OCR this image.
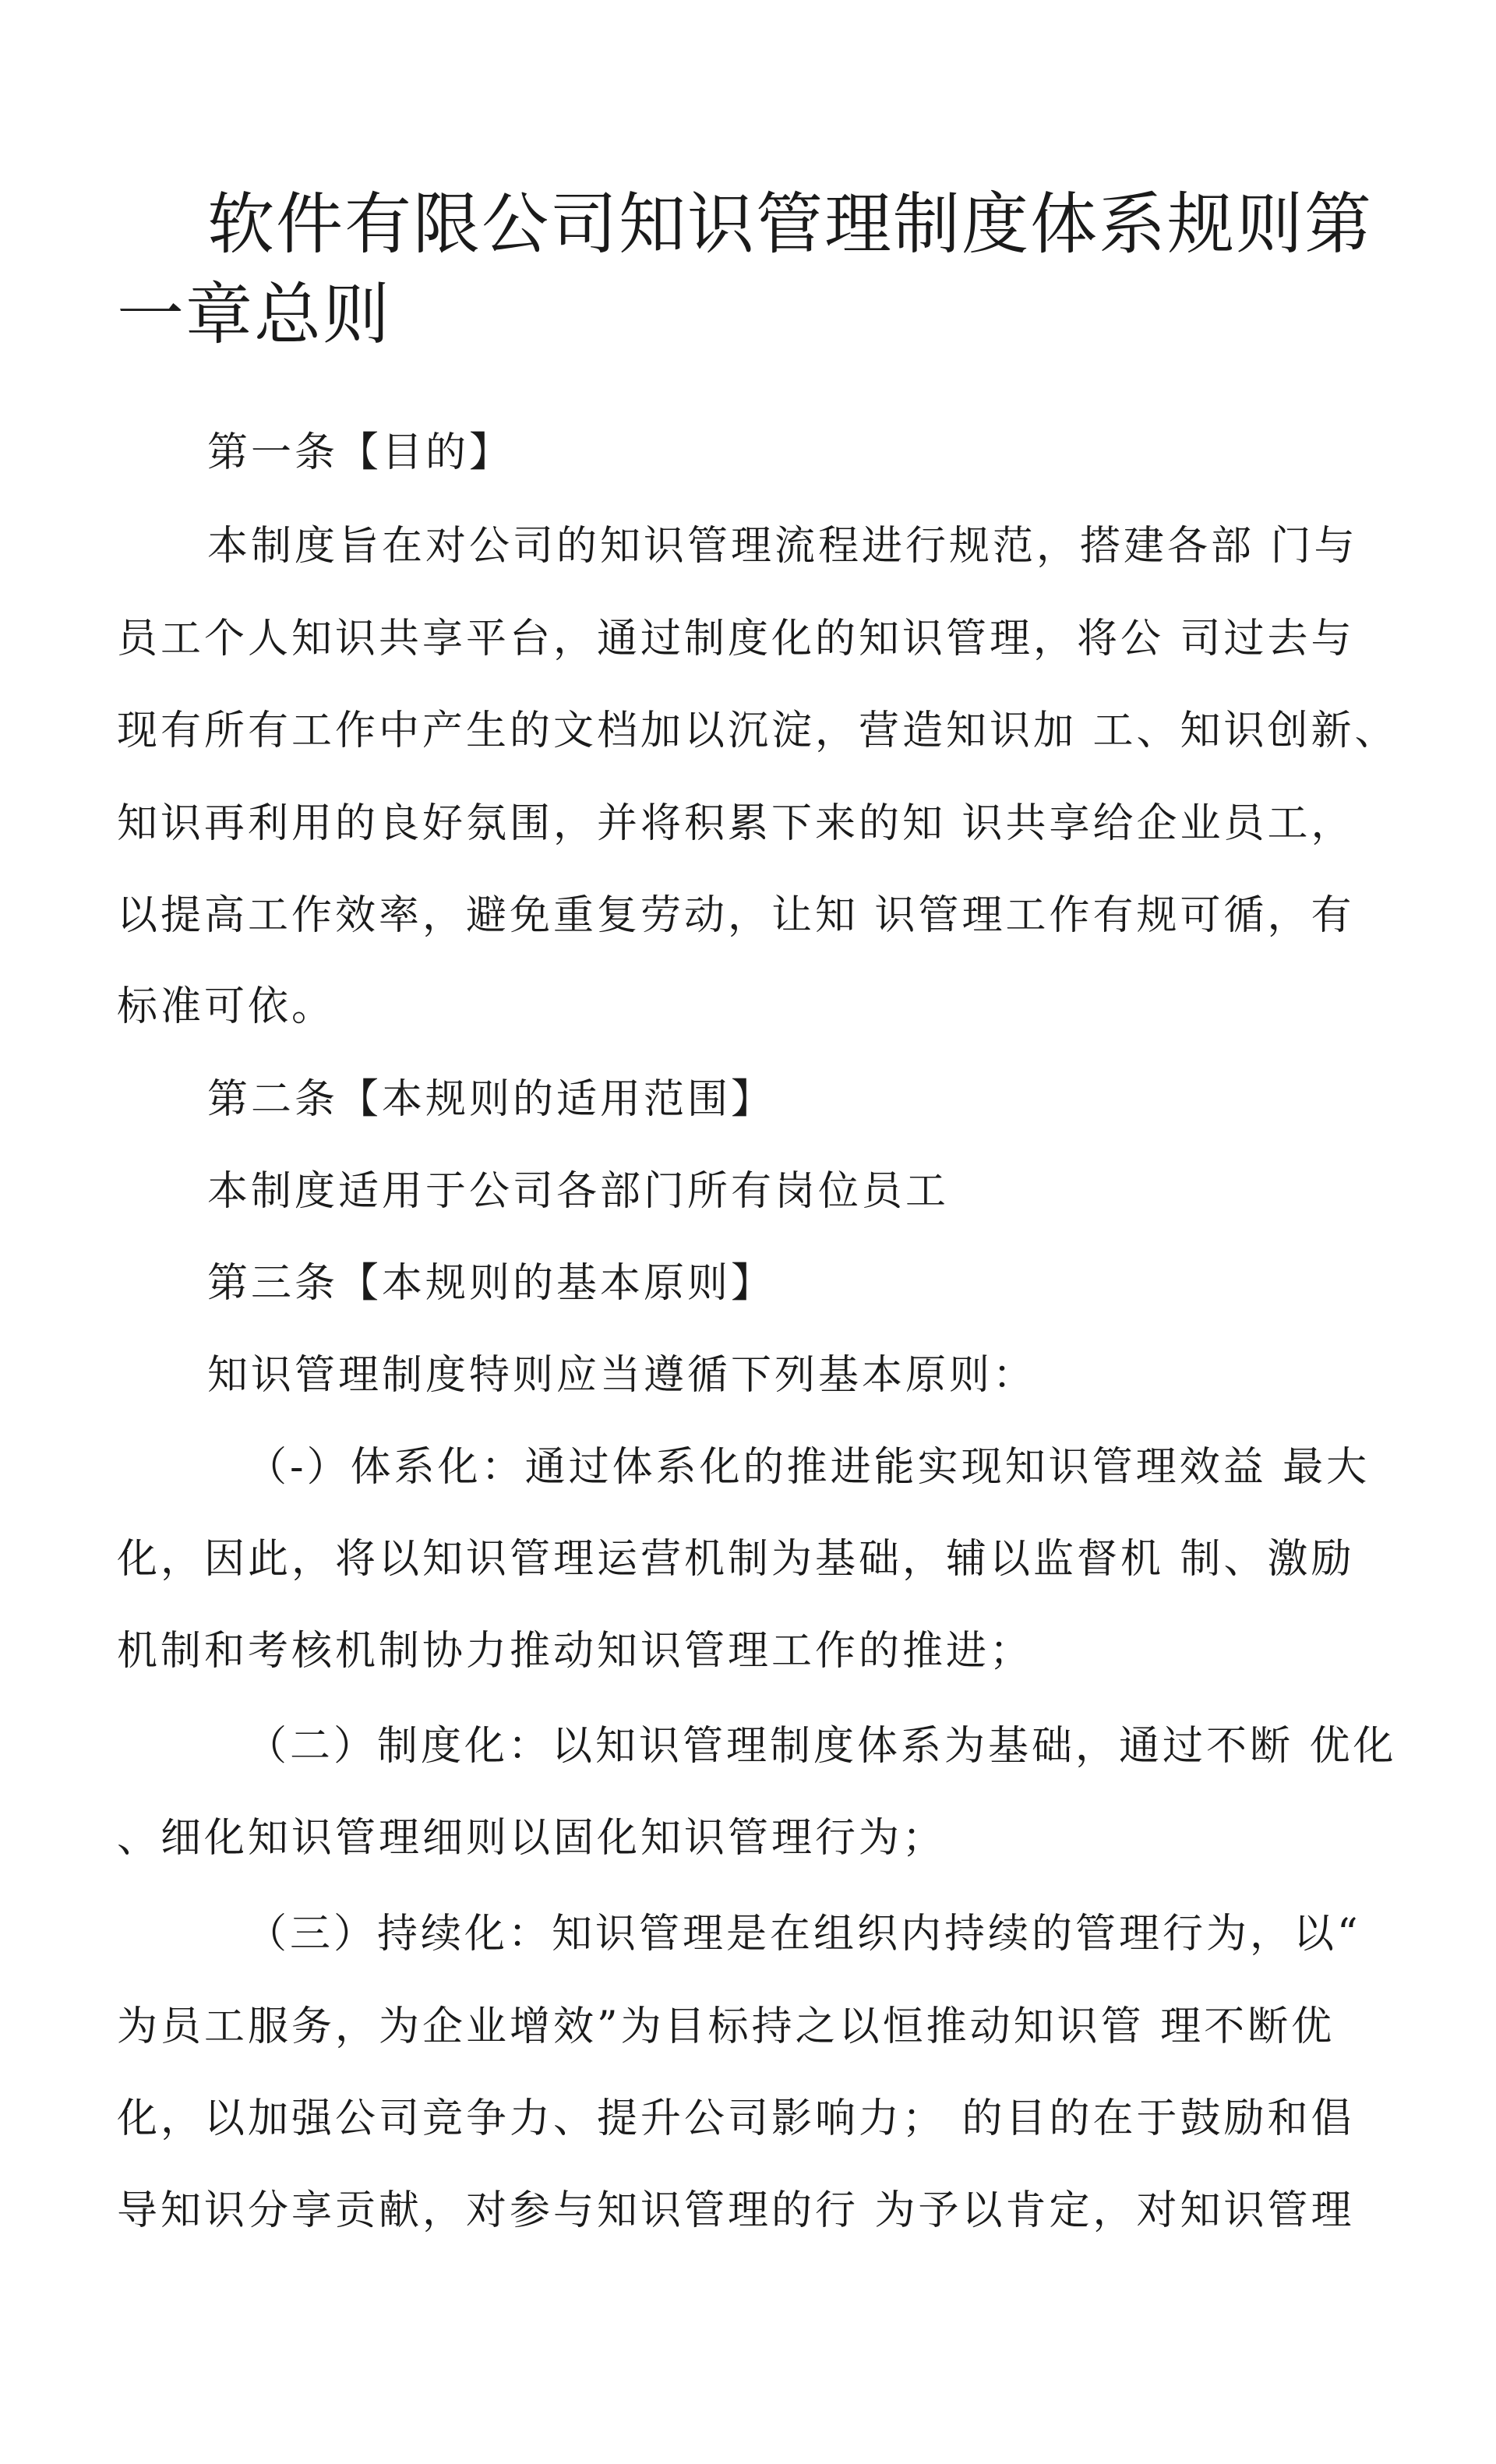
软件有限公司知识管理制度体系规则第
一章总则
第一条【目的】
本制度旨在对公司的知识管理流程进行规范，搭建各部 门与
员工个人知识共享平台，通过制度化的知识管理，将公 司过去与
现有所有工作中产生的文档加以沉淀，营造知识加 工、知识创新、
知识再利用的良好氛围，并将积累下来的知 识共享给企业员工，
以提高工作效率，避免重复劳动，让知 识管理工作有规可循，有
标准可依。
第二条【本规则的适用范围】
本制度适用于公司各部门所有岗位员工
第三条【本规则的基本原则】
知识管理制度特则应当遵循下列基本原则：
（-）体系化：通过体系化的推进能实现知识管理效益 最大
化，因此，将以知识管理运营机制为基础，辅以监督机 制、激励
机制和考核机制协力推动知识管理工作的推进；
（二）制度化：以知识管理制度体系为基础，通过不断 优化
、细化知识管理细则以固化知识管理行为；
（三）持续化：知识管理是在组织内持续的管理行为，以“
为员工服务，为企业增效”为目标持之以恒推动知识管 理不断优
化，以加强公司竞争力、提升公司影响力； 的目的在于鼓励和倡
导知识分享贡献，对参与知识管理的行 为予以肯定，对知识管理
